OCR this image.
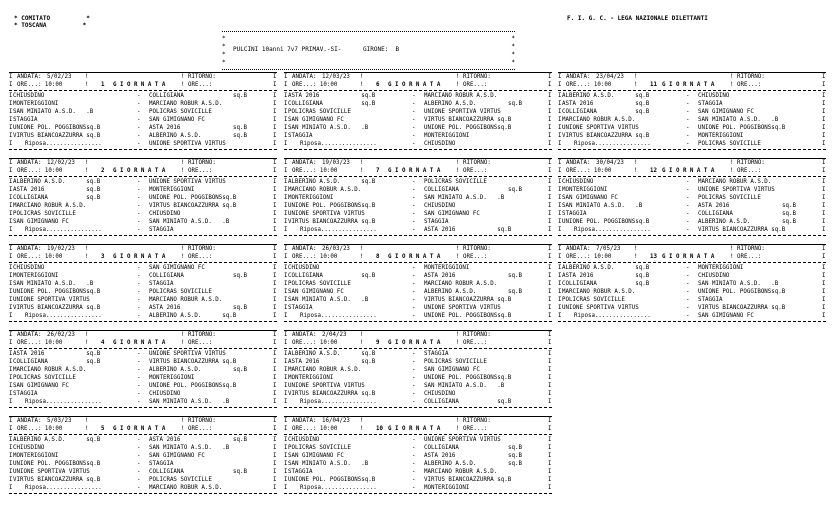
* COMITATO          *
* TOSCANA          *
F. I. G. C. - LEGA NAZIONALE DILETTANTI
*
*
*
*
*
*
*
*
PULCINI 10anni 7v7 PRIMAV.-SI-      GIRONE:  B
I ANDATA: 5/02/23 !	! RITORNO:	I
I ORE...: 10:00	! 1 G I O R N A T A	! ORE...:	I
I CHIUSDINO	- COLLIGIANA	sq.B	I
I MONTERIGGIONI	- MARCIANO ROBUR A.S.D.	I
I SAN MINIATO A.S.D.   .B	- POLICRAS SOVICILLE	I
I STAGGIA	- SAN GIMIGNANO FC	I
I UNIONE POL. POGGIBONSsq.B	- ASTA 2016	sq.B	I
I VIRTUS BIANCOAZZURRA sq.B	- ALBERINO A.S.D.	sq.B	I
I Riposa................	- UNIONE SPORTIVA VIRTUS	I
I ANDATA: 12/02/23 !	! RITORNO:	I
I ORE...: 10:00	! 2 G I O R N A T A	! ORE...:	I
I ALBERINO A.S.D.      sq.B	- UNIONE SPORTIVA VIRTUS	I
I ASTA 2016            sq.B	- MONTERIGGIONI	I
I COLLIGIANA           sq.B	- UNIONE POL. POGGIBONSsq.B	I
I MARCIANO ROBUR A.S.D.	- VIRTUS BIANCOAZZURRA sq.B	I
I POLICRAS SOVICILLE	- CHIUSDINO	I
I SAN GIMIGNANO FC	- SAN MINIATO A.S.D.   .B	I
I Riposa................	- STAGGIA	I
I ANDATA: 19/02/23 !	! RITORNO:	I
I ORE...: 10:00	! 3 G I O R N A T A	! ORE...:	I
I CHIUSDINO	- SAN GIMIGNANO FC	I
I MONTERIGGIONI	- COLLIGIANA	sq.B	I
I SAN MINIATO A.S.D.   .B	- STAGGIA	I
I UNIONE POL. POGGIBONSsq.B	- POLICRAS SOVICILLE	I
I UNIONE SPORTIVA VIRTUS	- MARCIANO ROBUR A.S.D.	I
I VIRTUS BIANCOAZZURRA sq.B	- ASTA 2016	sq.B	I
I Riposa................	- ALBERINO A.S.D.      sq.B	I
I ANDATA: 26/02/23 !	! RITORNO:	I
I ORE...: 10:00	! 4 G I O R N A T A	! ORE...:	I
I ASTA 2016            sq.B	- UNIONE SPORTIVA VIRTUS	I
I COLLIGIANA           sq.B	- VIRTUS BIANCOAZZURRA sq.B	I
I MARCIANO ROBUR A.S.D.	- ALBERINO A.S.D.	sq.B	I
I POLICRAS SOVICILLE	- MONTERIGGIONI	I
I SAN GIMIGNANO FC	- UNIONE POL. POGGIBONSsq.B	I
I STAGGIA	- CHIUSDINO	I
I Riposa................	- SAN MINIATO A.S.D.   .B	I
I ANDATA: 5/03/23 !	! RITORNO:	I
I ORE...: 10:00	! 5 G I O R N A T A	! ORE...:	I
I ALBERINO A.S.D.      sq.B	- ASTA 2016	sq.B	I
I CHIUSDINO	- SAN MINIATO A.S.D.   .B	I
I MONTERIGGIONI	- SAN GIMIGNANO FC	I
I UNIONE POL. POGGIBONSsq.B	- STAGGIA	I
I UNIONE SPORTIVA VIRTUS	- COLLIGIANA	sq.B	I
I VIRTUS BIANCOAZZURRA sq.B	- POLICRAS SOVICILLE	I
I Riposa................	- MARCIANO ROBUR A.S.D.	I
I ANDATA: 12/03/23 !	! RITORNO:	I
I ORE...: 10:00	! 6 G I O R N A T A	! ORE...:	I
I ASTA 2016            sq.B	- MARCIANO ROBUR A.S.D.	I
I COLLIGIANA           sq.B	- ALBERINO A.S.D.	sq.B	I
I POLICRAS SOVICILLE	- UNIONE SPORTIVA VIRTUS	I
I SAN GIMIGNANO FC	- VIRTUS BIANCOAZZURRA sq.B	I
I SAN MINIATO A.S.D.   .B	- UNIONE POL. POGGIBONSsq.B	I
I STAGGIA	- MONTERIGGIONI	I
I Riposa................	- CHIUSDINO	I
I ANDATA: 19/03/23 !	! RITORNO:	I
I ORE...: 10:00	! 7 G I O R N A T A	! ORE...:	I
I ALBERINO A.S.D.      sq.B	- POLICRAS SOVICILLE	I
I MARCIANO ROBUR A.S.D.	- COLLIGIANA	sq.B	I
I MONTERIGGIONI	- SAN MINIATO A.S.D.   .B	I
I UNIONE POL. POGGIBONSsq.B	- CHIUSDINO	I
I UNIONE SPORTIVA VIRTUS	- SAN GIMIGNANO FC	I
I VIRTUS BIANCOAZZURRA sq.B	- STAGGIA	I
I Riposa................	- ASTA 2016            sq.B	I
I ANDATA: 26/03/23 !	! RITORNO:	I
I ORE...: 10:00	! 8 G I O R N A T A	! ORE...:	I
I CHIUSDINO	- MONTERIGGIONI	I
I COLLIGIANA           sq.B	- ASTA 2016	sq.B	I
I POLICRAS SOVICILLE	- MARCIANO ROBUR A.S.D.	I
I SAN GIMIGNANO FC	- ALBERINO A.S.D.	sq.B	I
I SAN MINIATO A.S.D.   .B	- VIRTUS BIANCOAZZURRA sq.B	I
I STAGGIA	- UNIONE SPORTIVA VIRTUS	I
I Riposa................	- UNIONE POL. POGGIBONSsq.B	I
I ANDATA: 2/04/23 !	! RITORNO:	I
I ORE...: 10:00	! 9 G I O R N A T A	! ORE...:	I
I ALBERINO A.S.D.      sq.B	- STAGGIA	I
I ASTA 2016            sq.B	- POLICRAS SOVICILLE	I
I MARCIANO ROBUR A.S.D.	- SAN GIMIGNANO FC	I
I MONTERIGGIONI	- UNIONE POL. POGGIBONSsq.B	I
I UNIONE SPORTIVA VIRTUS	- SAN MINIATO A.S.D.   .B	I
I VIRTUS BIANCOAZZURRA sq.B	- CHIUSDINO	I
I Riposa................	- COLLIGIANA           sq.B	I
I ANDATA: 16/04/23 !	! RITORNO:	I
I ORE...: 10:00	! 10 G I O R N A T A	! ORE...:	I
I CHIUSDINO	- UNIONE SPORTIVA VIRTUS	I
I POLICRAS SOVICILLE	- COLLIGIANA	sq.B	I
I SAN GIMIGNANO FC	- ASTA 2016	sq.B	I
I SAN MINIATO A.S.D.   .B	- ALBERINO A.S.D.	sq.B	I
I STAGGIA	- MARCIANO ROBUR A.S.D.	I
I UNIONE POL. POGGIBONSsq.B	- VIRTUS BIANCOAZZURRA sq.B	I
I Riposa................	- MONTERIGGIONI	I
I ANDATA: 23/04/23 !	! RITORNO:	I
I ORE...: 10:00	! 11 G I O R N A T A	! ORE...:	I
I ALBERINO A.S.D.      sq.B	- CHIUSDINO	I
I ASTA 2016            sq.B	- STAGGIA	I
I COLLIGIANA           sq.B	- SAN GIMIGNANO FC	I
I MARCIANO ROBUR A.S.D.	- SAN MINIATO A.S.D.   .B	I
I UNIONE SPORTIVA VIRTUS	- UNIONE POL. POGGIBONSsq.B	I
I VIRTUS BIANCOAZZURRA sq.B	- MONTERIGGIONI	I
I Riposa................	- POLICRAS SOVICILLE	I
I ANDATA: 30/04/23 !	! RITORNO:	I
I ORE...: 10:00	! 12 G I O R N A T A	! ORE...:	I
I CHIUSDINO	- MARCIANO ROBUR A.S.D.	I
I MONTERIGGIONI	- UNIONE SPORTIVA VIRTUS	I
I SAN GIMIGNANO FC	- POLICRAS SOVICILLE	I
I SAN MINIATO A.S.D.   .B	- ASTA 2016	sq.B	I
I STAGGIA	- COLLIGIANA	sq.B	I
I UNIONE POL. POGGIBONSsq.B	- ALBERINO A.S.D.	sq.B	I
I Riposa................	- VIRTUS BIANCOAZZURRA sq.B	I
I ANDATA: 7/05/23 !	! RITORNO:	I
I ORE...: 10:00	! 13 G I O R N A T A	! ORE...:	I
I ALBERINO A.S.D.      sq.B	- MONTERIGGIONI	I
I ASTA 2016            sq.B	- CHIUSDINO	I
I COLLIGIANA           sq.B	- SAN MINIATO A.S.D.   .B	I
I MARCIANO ROBUR A.S.D.	- UNIONE POL. POGGIBONSsq.B	I
I POLICRAS SOVICILLE	- STAGGIA	I
I UNIONE SPORTIVA VIRTUS	- VIRTUS BIANCOAZZURRA sq.B	I
I Riposa................	- SAN GIMIGNANO FC	I
